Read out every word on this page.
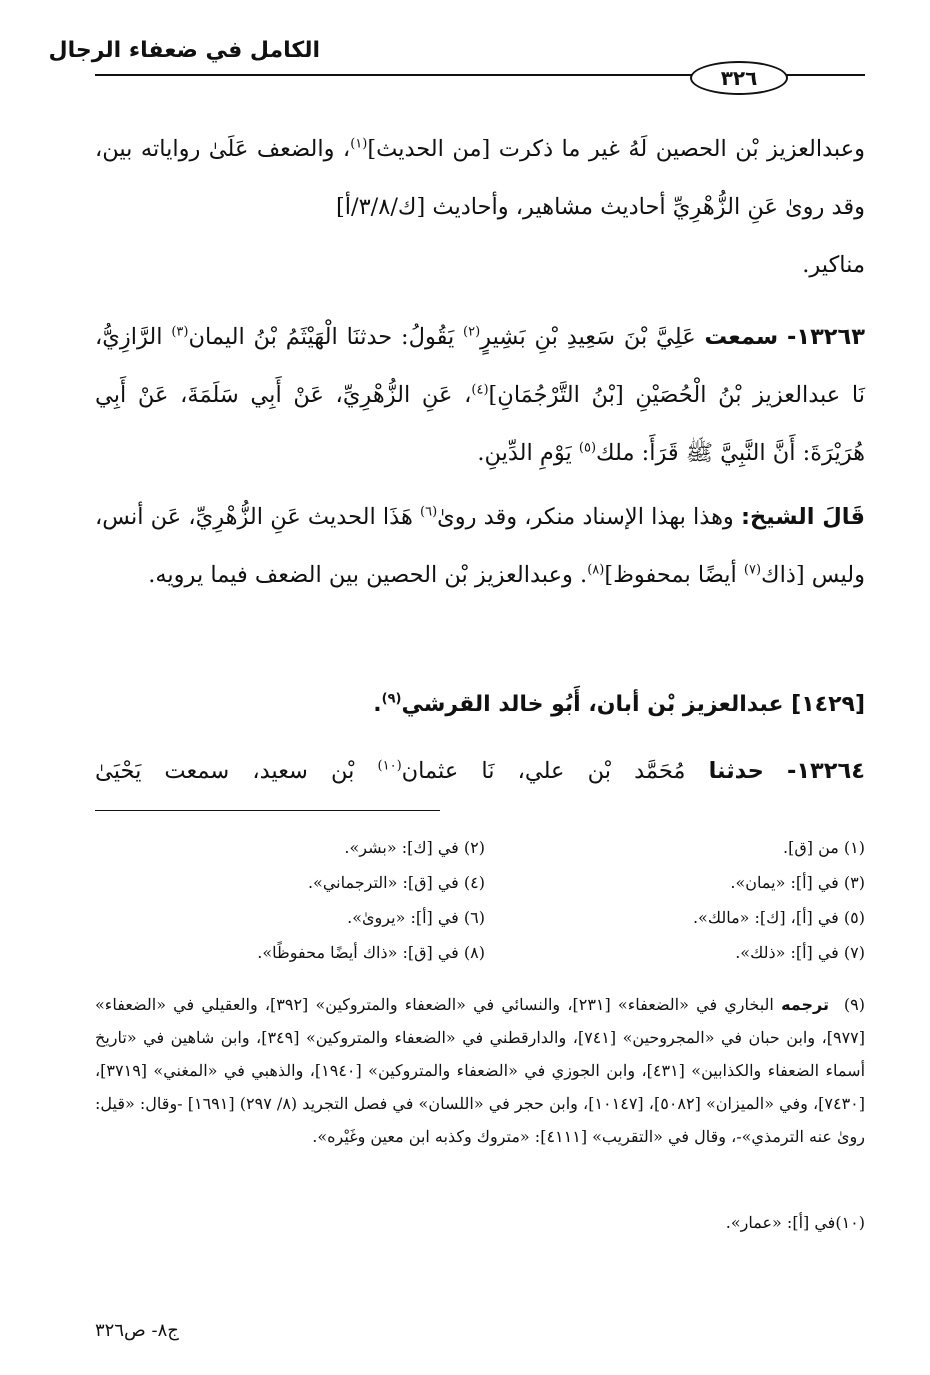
الكامل في ضعفاء الرجال
٣٢٦

وعبدالعزيز بْن الحصين لَهُ غير ما ذكرت [من الحديث]$^{(١)}$، والضعف عَلَىٰ رواياته بين، وقد روىٰ عَنِ الزُّهْرِيِّ أحاديث مشاهير، وأحاديث [ك/٣/٨/أ]

مناكير.

١٣٢٦٣- سمعت عَلِيَّ بْنَ سَعِيدِ بْنِ بَشِيرٍ$^{(٢)}$ يَقُولُ: حدثنَا الْهَيْثَمُ بْنُ اليمان$^{(٣)}$ الرَّازِيُّ، نَا عبدالعزيز بْنُ الْحُصَيْنِ [بْنُ التَّرْجُمَانِ]$^{(٤)}$، عَنِ الزُّهْرِيِّ، عَنْ أَبِي سَلَمَةَ، عَنْ أَبِي هُرَيْرَةَ: أَنَّ النَّبِيَّ ﷺ قَرَأَ: ملك$^{(٥)}$ يَوْمِ الدِّينِ.

قَالَ الشيخ: وهذا بهذا الإسناد منكر، وقد روىٰ$^{(٦)}$ هَذَا الحديث عَنِ الزُّهْرِيِّ، عَن أنس، وليس [ذاك$^{(٧)}$ أيضًا بمحفوظ]$^{(٨)}$. وعبدالعزيز بْن الحصين بين الضعف فيما يرويه.

[١٤٢٩] عبدالعزيز بْن أبان، أَبُو خالد القرشي$^{(٩)}$.

١٣٢٦٤- حدثنا مُحَمَّد بْن علي، نَا عثمان$^{(١٠)}$ بْن سعيد، سمعت يَحْيَىٰ

(١) من [ق].
(٢) في [ك]: «بشر».
(٣) في [أ]: «يمان».
(٤) في [ق]: «الترجماني».
(٥) في [أ]، [ك]: «مالك».
(٦) في [أ]: «يروىٰ».
(٧) في [أ]: «ذلك».
(٨) في [ق]: «ذاك أيضًا محفوظًا».
(٩)ترجمه البخاري في «الضعفاء» [٢٣١]، والنسائي في «الضعفاء والمتروكين» [٣٩٢]، والعقيلي في «الضعفاء» [٩٧٧]، وابن حبان في «المجروحين» [٧٤١]، والدارقطني في «الضعفاء والمتروكين» [٣٤٩]، وابن شاهين في «تاريخ أسماء الضعفاء والكذابين» [٤٣١]، وابن الجوزي في «الضعفاء والمتروكين» [١٩٤٠]، والذهبي في «المغني» [٣٧١٩]، [٧٤٣٠]، وفي «الميزان» [٥٠٨٢]، [١٠١٤٧]، وابن حجر في «اللسان» في فصل التجريد (٨/ ٢٩٧) [١٦٩١] -وقال: «قيل: روىٰ عنه الترمذي»-، وقال في «التقريب» [٤١١١]: «متروك وكذبه ابن معين وغَيْره».
(١٠)في [أ]: «عمار».
ج٨- ص٣٢٦
